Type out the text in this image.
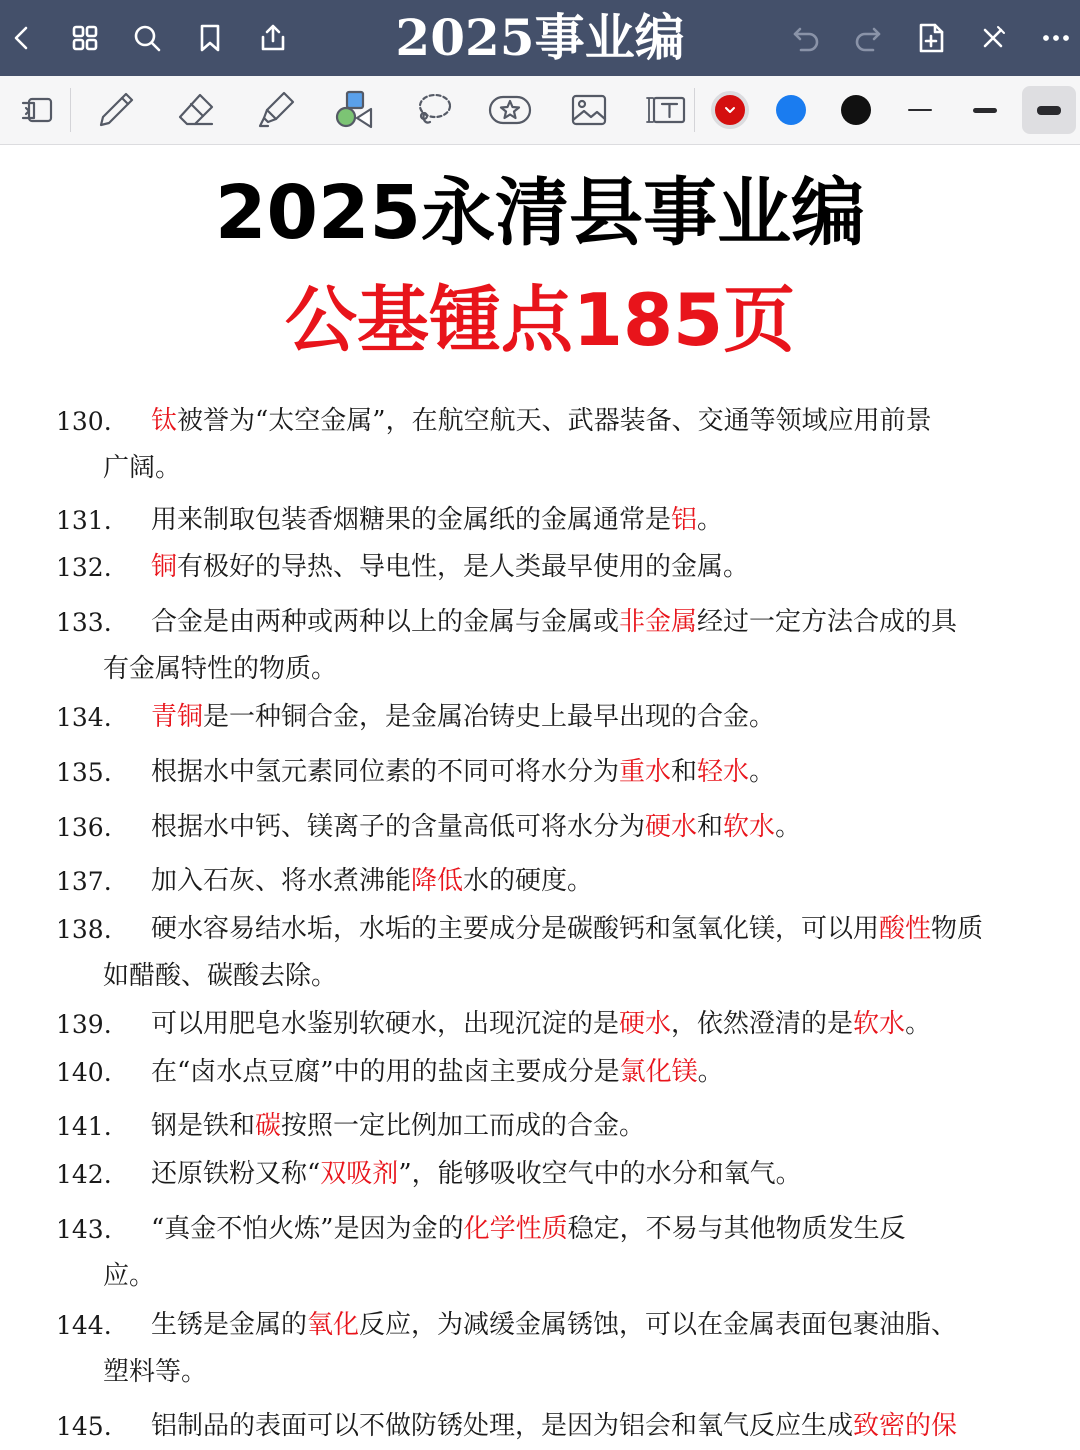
2025事业编
2025永清县事业编
公基锺点185页
130.	钛被誉为“太空金属”，在航空航天、武器装备、交通等领域应用前景
广阔。
131.	用来制取包装香烟糖果的金属纸的金属通常是铝。
132.	铜有极好的导热、导电性，是人类最早使用的金属。
133.	合金是由两种或两种以上的金属与金属或非金属经过一定方法合成的具
有金属特性的物质。
134.	青铜是一种铜合金，是金属冶铸史上最早出现的合金。
135.	根据水中氢元素同位素的不同可将水分为重水和轻水。
136.	根据水中钙、镁离子的含量高低可将水分为硬水和软水。
137.	加入石灰、将水煮沸能降低水的硬度。
138.	硬水容易结水垢，水垢的主要成分是碳酸钙和氢氧化镁，可以用酸性物质
如醋酸、碳酸去除。
139.	可以用肥皂水鉴别软硬水，出现沉淀的是硬水，依然澄清的是软水。
140.	在“卤水点豆腐”中的用的盐卤主要成分是氯化镁。
141.	钢是铁和碳按照一定比例加工而成的合金。
142.	还原铁粉又称“双吸剂”，能够吸收空气中的水分和氧气。
143.	“真金不怕火炼”是因为金的化学性质稳定，不易与其他物质发生反
应。
144.	生锈是金属的氧化反应，为减缓金属锈蚀，可以在金属表面包裹油脂、
塑料等。
145.	铝制品的表面可以不做防锈处理，是因为铝会和氧气反应生成致密的保
